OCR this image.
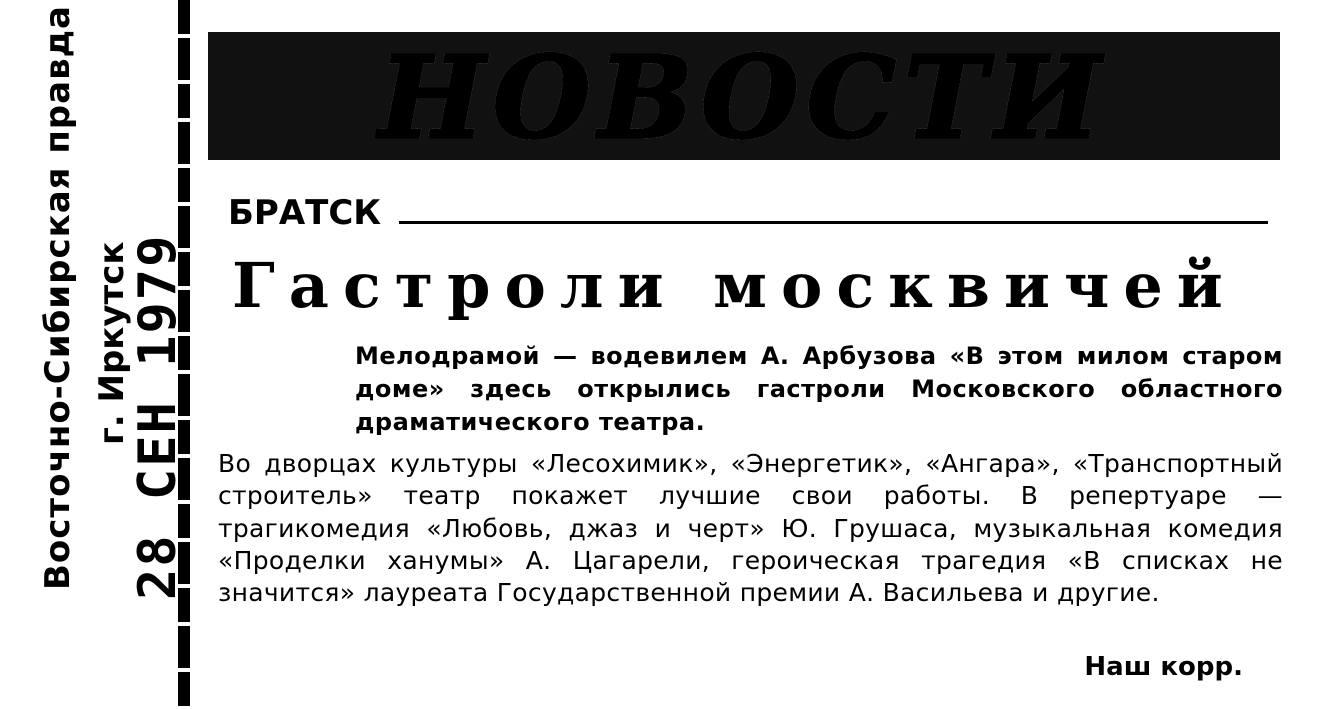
Восточно-Сибирская правда г. Иркутск
28 СЕН 1979
НОВОСТИ
БРАТСК
Гастроли москвичей

Мелодрамой — водевилем А. Арбузова «В этом милом старом доме» здесь открылись гастроли Московского областного драматического театра.

Во дворцах культуры «Лесохимик», «Энергетик», «Ангара», «Транспортный строитель» театр покажет лучшие свои работы. В репертуаре — трагикомедия «Любовь, джаз и черт» Ю. Грушаса, музыкальная комедия «Проделки ханумы» А. Цагарели, героическая трагедия «В списках не значится» лауреата Государственной премии А. Васильева и другие.

Наш корр.
